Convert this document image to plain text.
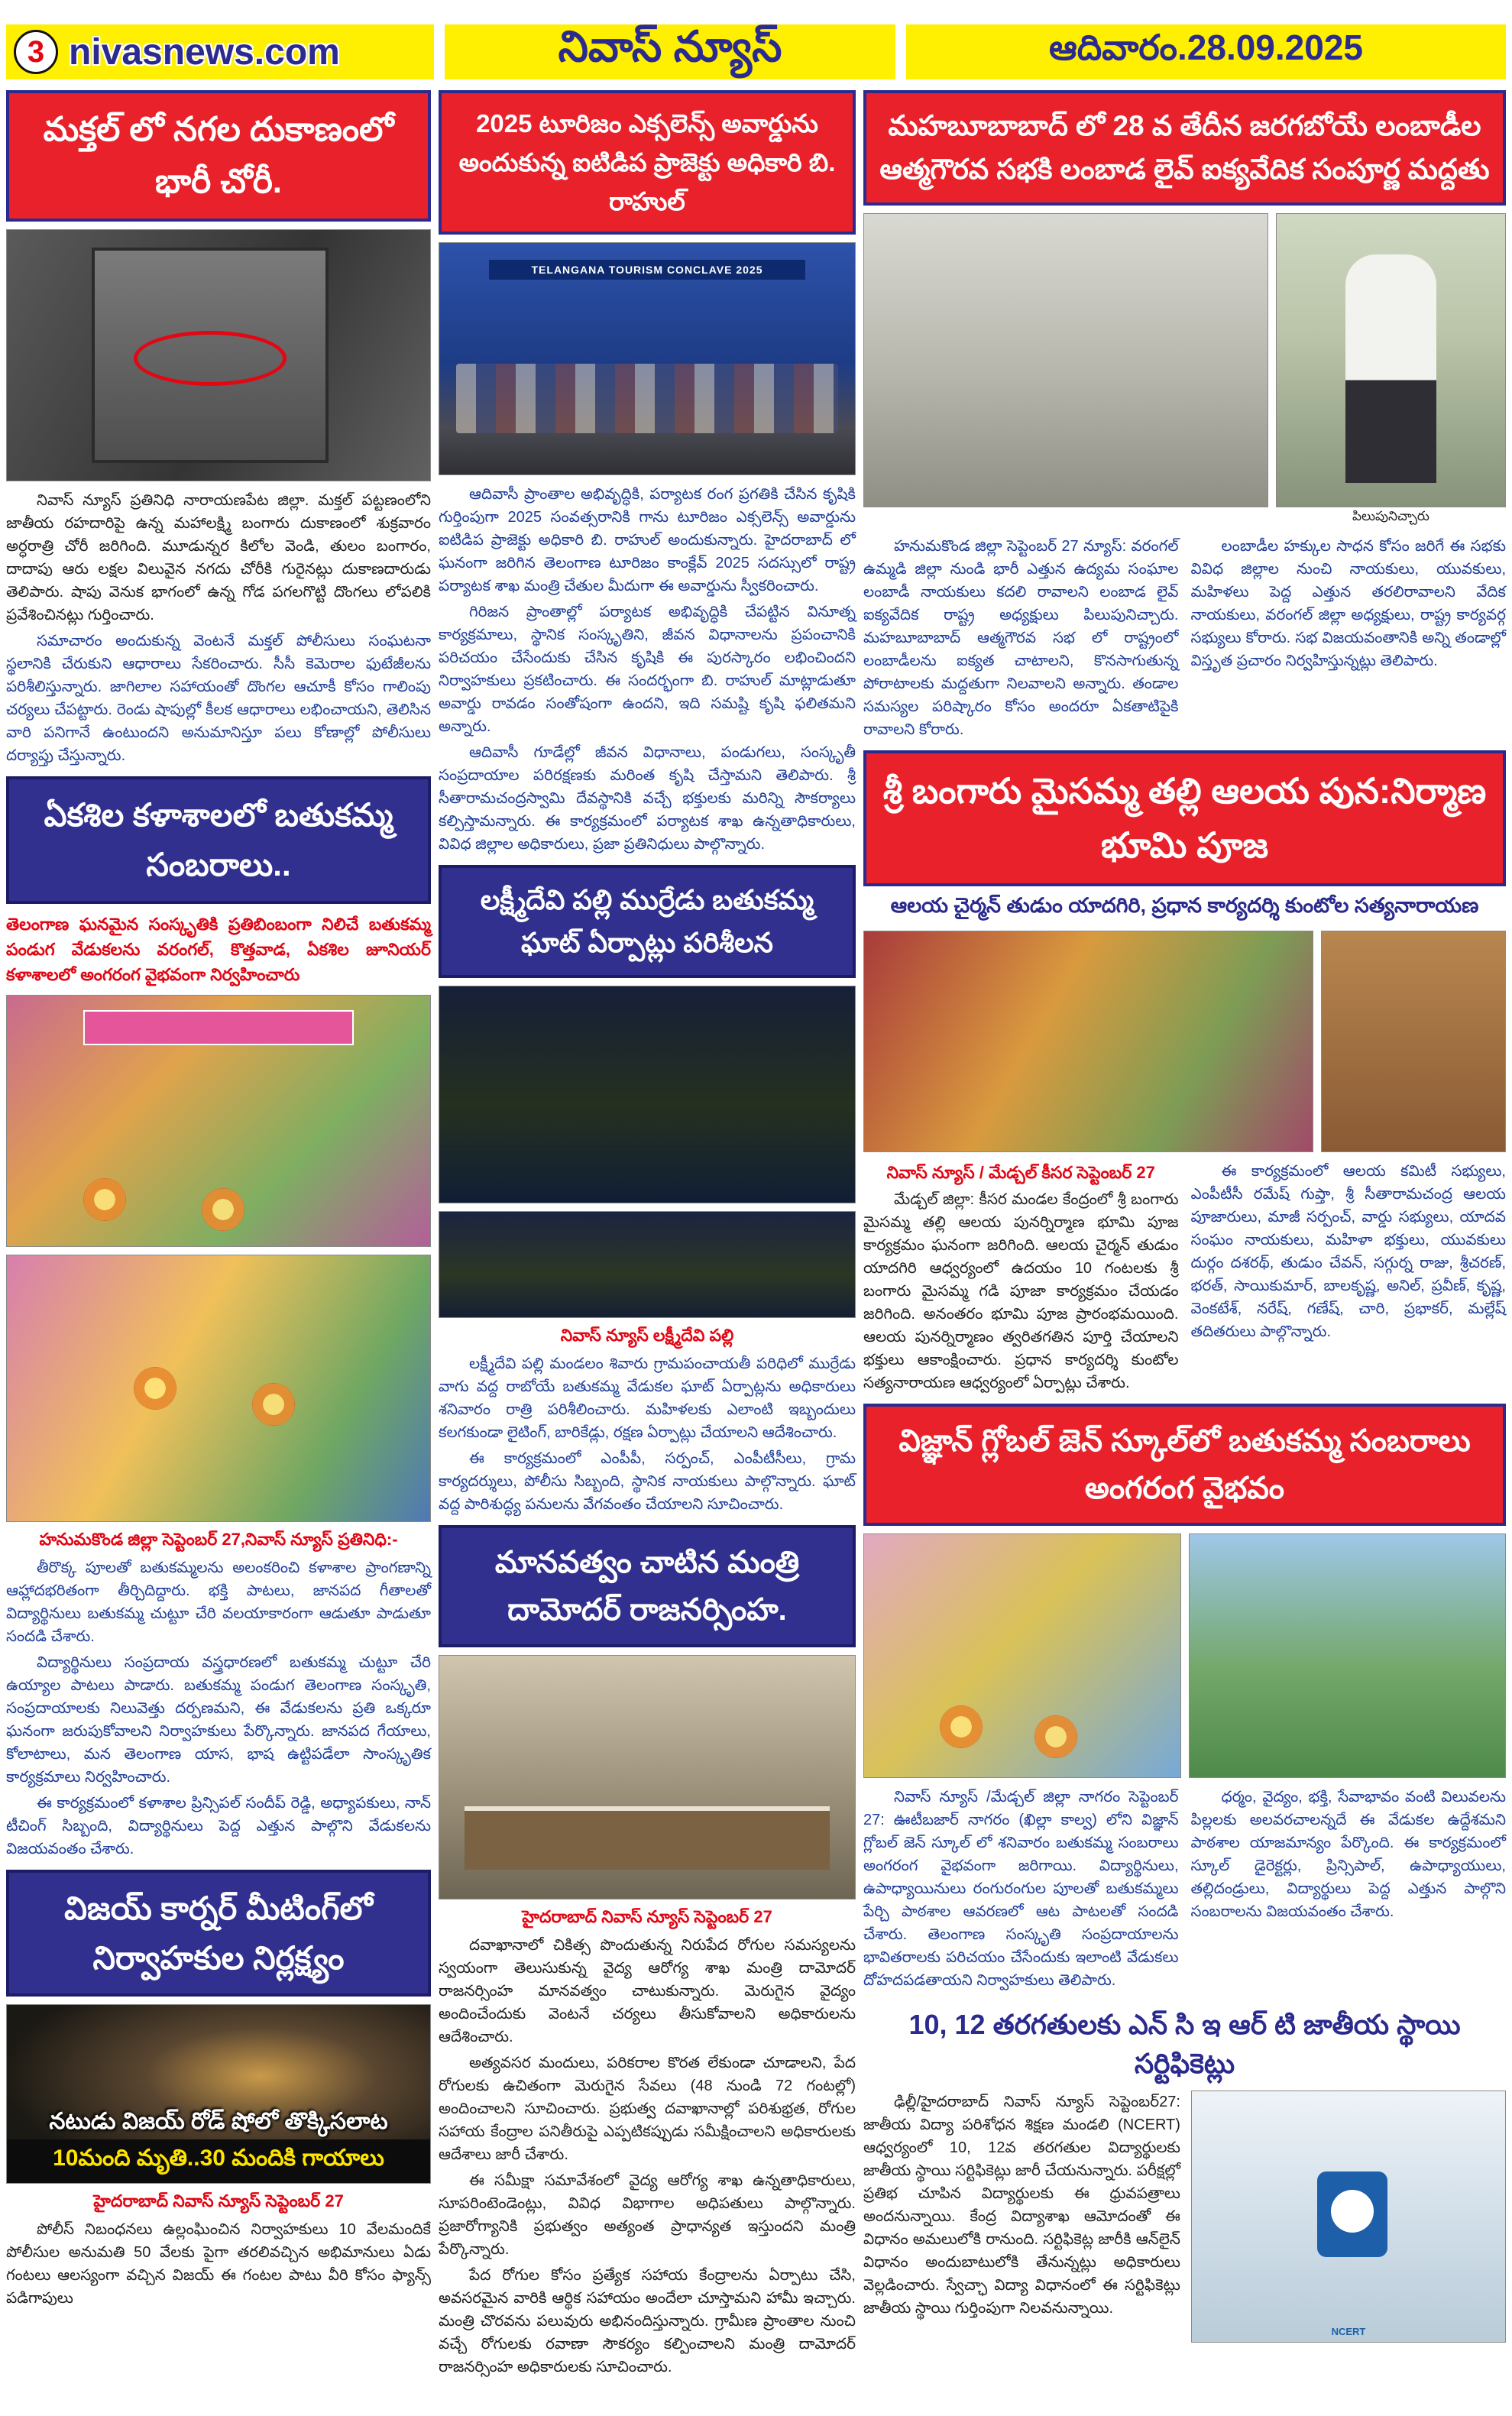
3 nivasnews.com	నివాస్ న్యూస్	ఆదివారం.28.09.2025
మక్తల్ లో నగల దుకాణంలో భారీ చోరీ.

నివాస్ న్యూస్ ప్రతినిధి నారాయణపేట జిల్లా. మక్తల్ పట్టణంలోని జాతీయ రహదారిపై ఉన్న మహాలక్ష్మి బంగారు దుకాణంలో శుక్రవారం అర్ధరాత్రి చోరీ జరిగింది. మూడున్నర కిలోల వెండి, తులం బంగారం, దాదాపు ఆరు లక్షల విలువైన నగదు చోరీకి గురైనట్లు దుకాణదారుడు తెలిపారు. షాపు వెనుక భాగంలో ఉన్న గోడ పగలగొట్టి దొంగలు లోపలికి ప్రవేశించినట్లు గుర్తించారు.

సమాచారం అందుకున్న వెంటనే మక్తల్ పోలీసులు సంఘటనా స్థలానికి చేరుకుని ఆధారాలు సేకరించారు. సీసీ కెమెరాల ఫుటేజీలను పరిశీలిస్తున్నారు. జాగిలాల సహాయంతో దొంగల ఆచూకీ కోసం గాలింపు చర్యలు చేపట్టారు. రెండు షాపుల్లో కీలక ఆధారాలు లభించాయని, తెలిసిన వారి పనిగానే ఉంటుందని అనుమానిస్తూ పలు కోణాల్లో పోలీసులు దర్యాప్తు చేస్తున్నారు.

ఏకశిల కళాశాలలో బతుకమ్మ సంబరాలు..
తెలంగాణ ఘనమైన సంస్కృతికి ప్రతిబింబంగా నిలిచే బతుకమ్మ పండుగ వేడుకలను వరంగల్, కొత్తవాడ, ఏకశిల జూనియర్ కళాశాలలో అంగరంగ వైభవంగా నిర్వహించారు
హనుమకొండ జిల్లా సెప్టెంబర్ 27,నివాస్ న్యూస్ ప్రతినిధి:-

తీరొక్క పూలతో బతుకమ్మలను అలంకరించి కళాశాల ప్రాంగణాన్ని ఆహ్లాదభరితంగా తీర్చిదిద్దారు. భక్తి పాటలు, జానపద గీతాలతో విద్యార్థినులు బతుకమ్మ చుట్టూ చేరి వలయాకారంగా ఆడుతూ పాడుతూ సందడి చేశారు.

విద్యార్థినులు సంప్రదాయ వస్త్రధారణలో బతుకమ్మ చుట్టూ చేరి ఉయ్యాల పాటలు పాడారు. బతుకమ్మ పండుగ తెలంగాణ సంస్కృతి, సంప్రదాయాలకు నిలువెత్తు దర్పణమని, ఈ వేడుకలను ప్రతి ఒక్కరూ ఘనంగా జరుపుకోవాలని నిర్వాహకులు పేర్కొన్నారు. జానపద గేయాలు, కోలాటాలు, మన తెలంగాణ యాస, భాష ఉట్టిపడేలా సాంస్కృతిక కార్యక్రమాలు నిర్వహించారు.

ఈ కార్యక్రమంలో కళాశాల ప్రిన్సిపల్ సందీప్ రెడ్డి, అధ్యాపకులు, నాన్ టీచింగ్ సిబ్బంది, విద్యార్థినులు పెద్ద ఎత్తున పాల్గొని వేడుకలను విజయవంతం చేశారు.

విజయ్ కార్నర్ మీటింగ్‌లో నిర్వాహకుల నిర్లక్ష్యం
నటుడు విజయ్ రోడ్ షోలో తొక్కిసలాట
10మంది మృతి..30 మందికి గాయాలు
హైదరాబాద్ నివాస్ న్యూస్ సెప్టెంబర్ 27

పోలీస్ నిబంధనలు ఉల్లంఘించిన నిర్వాహకులు 10 వేలమందికే పోలీసుల అనుమతి 50 వేలకు పైగా తరలివచ్చిన అభిమానులు ఏడు గంటలు ఆలస్యంగా వచ్చిన విజయ్ ఈ గంటల పాటు వీరి కోసం ఫ్యాన్స్ పడిగాపులు

2025 టూరిజం ఎక్సలెన్స్ అవార్డును అందుకున్న ఐటిడిప ప్రాజెక్టు అధికారి బి. రాహుల్
TELANGANA TOURISM CONCLAVE 2025

ఆదివాసీ ప్రాంతాల అభివృద్ధికి, పర్యాటక రంగ ప్రగతికి చేసిన కృషికి గుర్తింపుగా 2025 సంవత్సరానికి గాను టూరిజం ఎక్సలెన్స్ అవార్డును ఐటిడిప ప్రాజెక్టు అధికారి బి. రాహుల్ అందుకున్నారు. హైదరాబాద్ లో ఘనంగా జరిగిన తెలంగాణ టూరిజం కాంక్లేవ్ 2025 సదస్సులో రాష్ట్ర పర్యాటక శాఖ మంత్రి చేతుల మీదుగా ఈ అవార్డును స్వీకరించారు.

గిరిజన ప్రాంతాల్లో పర్యాటక అభివృద్ధికి చేపట్టిన వినూత్న కార్యక్రమాలు, స్థానిక సంస్కృతిని, జీవన విధానాలను ప్రపంచానికి పరిచయం చేసేందుకు చేసిన కృషికి ఈ పురస్కారం లభించిందని నిర్వాహకులు ప్రకటించారు. ఈ సందర్భంగా బి. రాహుల్ మాట్లాడుతూ అవార్డు రావడం సంతోషంగా ఉందని, ఇది సమష్టి కృషి ఫలితమని అన్నారు.

ఆదివాసీ గూడేల్లో జీవన విధానాలు, పండుగలు, సంస్కృతీ సంప్రదాయాల పరిరక్షణకు మరింత కృషి చేస్తామని తెలిపారు. శ్రీ సీతారామచంద్రస్వామి దేవస్థానికి వచ్చే భక్తులకు మరిన్ని సౌకర్యాలు కల్పిస్తామన్నారు. ఈ కార్యక్రమంలో పర్యాటక శాఖ ఉన్నతాధికారులు, వివిధ జిల్లాల అధికారులు, ప్రజా ప్రతినిధులు పాల్గొన్నారు.

లక్ష్మీదేవి పల్లి ముర్రేడు బతుకమ్మ ఘాట్ ఏర్పాట్లు పరిశీలన
నివాస్ న్యూస్ లక్ష్మీదేవి పల్లి

లక్ష్మీదేవి పల్లి మండలం శివారు గ్రామపంచాయతీ పరిధిలో ముర్రేడు వాగు వద్ద రాబోయే బతుకమ్మ వేడుకల ఘాట్ ఏర్పాట్లను అధికారులు శనివారం రాత్రి పరిశీలించారు. మహిళలకు ఎలాంటి ఇబ్బందులు కలగకుండా లైటింగ్, బారికేడ్లు, రక్షణ ఏర్పాట్లు చేయాలని ఆదేశించారు.

ఈ కార్యక్రమంలో ఎంపీపీ, సర్పంచ్, ఎంపీటీసీలు, గ్రామ కార్యదర్శులు, పోలీసు సిబ్బంది, స్థానిక నాయకులు పాల్గొన్నారు. ఘాట్ వద్ద పారిశుద్ధ్య పనులను వేగవంతం చేయాలని సూచించారు.

మానవత్వం చాటిన మంత్రి దామోదర్ రాజనర్సింహ.
హైదరాబాద్ నివాస్ న్యూస్ సెప్టెంబర్ 27

దవాఖానాలో చికిత్స పొందుతున్న నిరుపేద రోగుల సమస్యలను స్వయంగా తెలుసుకున్న వైద్య ఆరోగ్య శాఖ మంత్రి దామోదర్ రాజనర్సింహ మానవత్వం చాటుకున్నారు. మెరుగైన వైద్యం అందించేందుకు వెంటనే చర్యలు తీసుకోవాలని అధికారులను ఆదేశించారు.

అత్యవసర మందులు, పరికరాల కొరత లేకుండా చూడాలని, పేద రోగులకు ఉచితంగా మెరుగైన సేవలు (48 నుండి 72 గంటల్లో) అందించాలని సూచించారు. ప్రభుత్వ దవాఖానాల్లో పరిశుభ్రత, రోగుల సహాయ కేంద్రాల పనితీరుపై ఎప్పటికప్పుడు సమీక్షించాలని అధికారులకు ఆదేశాలు జారీ చేశారు.

ఈ సమీక్షా సమావేశంలో వైద్య ఆరోగ్య శాఖ ఉన్నతాధికారులు, సూపరింటెండెంట్లు, వివిధ విభాగాల అధిపతులు పాల్గొన్నారు. ప్రజారోగ్యానికి ప్రభుత్వం అత్యంత ప్రాధాన్యత ఇస్తుందని మంత్రి పేర్కొన్నారు.

పేద రోగుల కోసం ప్రత్యేక సహాయ కేంద్రాలను ఏర్పాటు చేసి, అవసరమైన వారికి ఆర్థిక సహాయం అందేలా చూస్తామని హామీ ఇచ్చారు. మంత్రి చొరవను పలువురు అభినందిస్తున్నారు. గ్రామీణ ప్రాంతాల నుంచి వచ్చే రోగులకు రవాణా సౌకర్యం కల్పించాలని మంత్రి దామోదర్ రాజనర్సింహ అధికారులకు సూచించారు.

మహబూబాబాద్ లో 28 వ తేదీన జరగబోయే లంబాడీల ఆత్మగౌరవ సభకి లంబాడ లైవ్ ఐక్యవేదిక సంపూర్ణ మద్దతు
పిలుపునిచ్చారు

హనుమకొండ జిల్లా సెప్టెంబర్ 27 న్యూస్: వరంగల్ ఉమ్మడి జిల్లా నుండి భారీ ఎత్తున ఉద్యమ సంఘాల లంబాడీ నాయకులు కదలి రావాలని లంబాడ లైవ్ ఐక్యవేదిక రాష్ట్ర అధ్యక్షులు పిలుపునిచ్చారు. మహబూబాబాద్ ఆత్మగౌరవ సభ లో రాష్ట్రంలో లంబాడీలను ఐక్యత చాటాలని, కొనసాగుతున్న పోరాటాలకు మద్దతుగా నిలవాలని అన్నారు. తండాల సమస్యల పరిష్కారం కోసం అందరూ ఏకతాటిపైకి రావాలని కోరారు.

లంబాడీల హక్కుల సాధన కోసం జరిగే ఈ సభకు వివిధ జిల్లాల నుంచి నాయకులు, యువకులు, మహిళలు పెద్ద ఎత్తున తరలిరావాలని వేదిక నాయకులు, వరంగల్ జిల్లా అధ్యక్షులు, రాష్ట్ర కార్యవర్గ సభ్యులు కోరారు. సభ విజయవంతానికి అన్ని తండాల్లో విస్తృత ప్రచారం నిర్వహిస్తున్నట్లు తెలిపారు.

శ్రీ బంగారు మైసమ్మ తల్లి ఆలయ పున:నిర్మాణ భూమి పూజ
ఆలయ చైర్మన్ తుడుం యాదగిరి, ప్రధాన కార్యదర్శి కుంటోల సత్యనారాయణ
నివాస్ న్యూస్ / మేడ్చల్ కీసర సెప్టెంబర్ 27

మేడ్చల్ జిల్లా: కీసర మండల కేంద్రంలో శ్రీ బంగారు మైసమ్మ తల్లి ఆలయ పునర్నిర్మాణ భూమి పూజ కార్యక్రమం ఘనంగా జరిగింది. ఆలయ చైర్మన్ తుడుం యాదగిరి ఆధ్వర్యంలో ఉదయం 10 గంటలకు శ్రీ బంగారు మైసమ్మ గడి పూజా కార్యక్రమం చేయడం జరిగింది. అనంతరం భూమి పూజ ప్రారంభమయింది. ఆలయ పునర్నిర్మాణం త్వరితగతిన పూర్తి చేయాలని భక్తులు ఆకాంక్షించారు. ప్రధాన కార్యదర్శి కుంటోల సత్యనారాయణ ఆధ్వర్యంలో ఏర్పాట్లు చేశారు.

ఈ కార్యక్రమంలో ఆలయ కమిటీ సభ్యులు, ఎంపీటీసీ రమేష్ గుప్తా, శ్రీ సీతారామచంద్ర ఆలయ పూజారులు, మాజీ సర్పంచ్, వార్డు సభ్యులు, యాదవ సంఘం నాయకులు, మహిళా భక్తులు, యువకులు దుర్గం దశరథ్, తుడుం చేవన్, సగ్గుర్న రాజు, శ్రీచరణ్, భరత్, సాయికుమార్, బాలకృష్ణ, అనిల్, ప్రవీణ్, కృష్ణ, వెంకటేశ్, నరేష్, గణేష్, చారి, ప్రభాకర్, మల్లేష్ తదితరులు పాల్గొన్నారు.

విజ్ఞాన్ గ్లోబల్ జెన్ స్కూల్‌లో బతుకమ్మ సంబరాలు అంగరంగ వైభవం

నివాస్ న్యూస్ /మేడ్చల్ జిల్లా నాగరం సెప్టెంబర్ 27: ఊటీబజార్ నాగరం (ఖిల్లా కాల్వ) లోని విజ్ఞాన్ గ్లోబల్ జెన్ స్కూల్ లో శనివారం బతుకమ్మ సంబరాలు అంగరంగ వైభవంగా జరిగాయి. విద్యార్థినులు, ఉపాధ్యాయినులు రంగురంగుల పూలతో బతుకమ్మలు పేర్చి పాఠశాల ఆవరణలో ఆట పాటలతో సందడి చేశారు. తెలంగాణ సంస్కృతి సంప్రదాయాలను భావితరాలకు పరిచయం చేసేందుకు ఇలాంటి వేడుకలు దోహదపడతాయని నిర్వాహకులు తెలిపారు.

ధర్మం, వైద్యం, భక్తి, సేవాభావం వంటి విలువలను పిల్లలకు అలవరచాలన్నదే ఈ వేడుకల ఉద్దేశమని పాఠశాల యాజమాన్యం పేర్కొంది. ఈ కార్యక్రమంలో స్కూల్ డైరెక్టర్లు, ప్రిన్సిపాల్, ఉపాధ్యాయులు, తల్లిదండ్రులు, విద్యార్థులు పెద్ద ఎత్తున పాల్గొని సంబరాలను విజయవంతం చేశారు.

10, 12 తరగతులకు ఎన్ సి ఇ ఆర్ టి జాతీయ స్థాయి సర్టిఫికెట్లు

ఢిల్లీ/హైదరాబాద్ నివాస్ న్యూస్ సెప్టెంబర్27: జాతీయ విద్యా పరిశోధన శిక్షణ మండలి (NCERT) ఆధ్వర్యంలో 10, 12వ తరగతుల విద్యార్థులకు జాతీయ స్థాయి సర్టిఫికెట్లు జారీ చేయనున్నారు. పరీక్షల్లో ప్రతిభ చూపిన విద్యార్థులకు ఈ ధ్రువపత్రాలు అందనున్నాయి. కేంద్ర విద్యాశాఖ ఆమోదంతో ఈ విధానం అమలులోకి రానుంది. సర్టిఫికెట్ల జారీకి ఆన్‌లైన్ విధానం అందుబాటులోకి తేనున్నట్లు అధికారులు వెల్లడించారు. స్వేచ్ఛా విద్యా విధానంలో ఈ సర్టిఫికెట్లు జాతీయ స్థాయి గుర్తింపుగా నిలవనున్నాయి.

NCERT
